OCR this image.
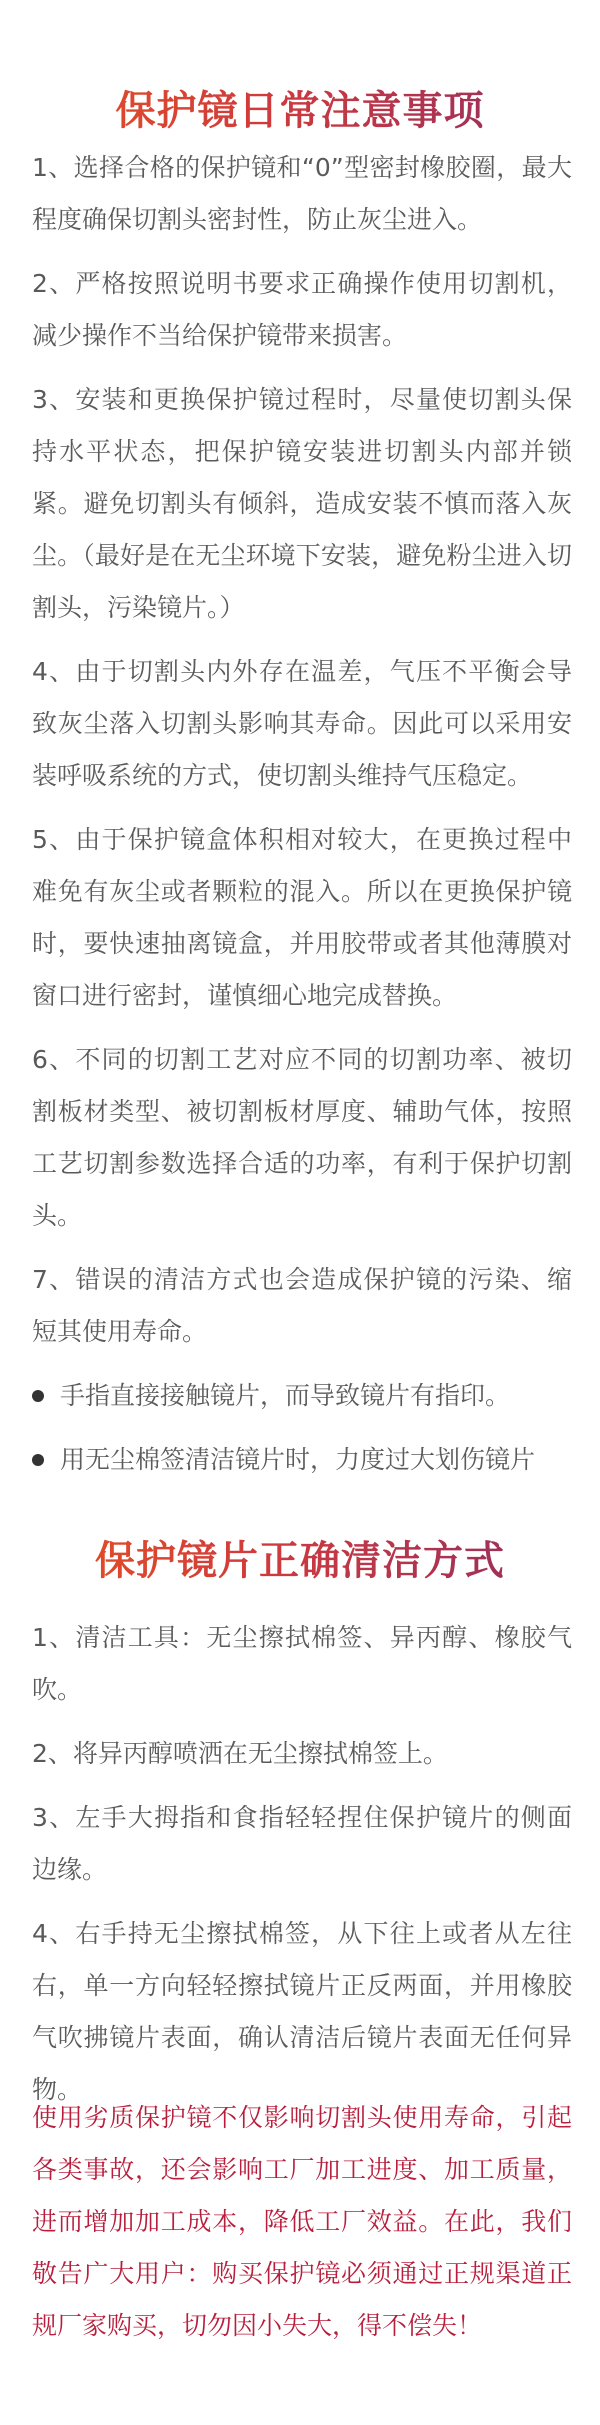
保护镜日常注意事项

1、选择合格的保护镜和“0”型密封橡胶圈，最大程度确保切割头密封性，防止灰尘进入。

2、严格按照说明书要求正确操作使用切割机，减少操作不当给保护镜带来损害。

3、安装和更换保护镜过程时，尽量使切割头保持水平状态，把保护镜安装进切割头内部并锁紧。避免切割头有倾斜，造成安装不慎而落入灰尘。（最好是在无尘环境下安装，避免粉尘进入切割头，污染镜片。）

4、由于切割头内外存在温差，气压不平衡会导致灰尘落入切割头影响其寿命。因此可以采用安装呼吸系统的方式，使切割头维持气压稳定。

5、由于保护镜盒体积相对较大，在更换过程中难免有灰尘或者颗粒的混入。所以在更换保护镜时，要快速抽离镜盒，并用胶带或者其他薄膜对窗口进行密封，谨慎细心地完成替换。

6、不同的切割工艺对应不同的切割功率、被切割板材类型、被切割板材厚度、辅助气体，按照工艺切割参数选择合适的功率，有利于保护切割头。

7、错误的清洁方式也会造成保护镜的污染、缩短其使用寿命。

手指直接接触镜片，而导致镜片有指印。
用无尘棉签清洁镜片时，力度过大划伤镜片
保护镜片正确清洁方式

1、清洁工具：无尘擦拭棉签、异丙醇、橡胶气吹。

2、将异丙醇喷洒在无尘擦拭棉签上。

3、左手大拇指和食指轻轻捏住保护镜片的侧面边缘。

4、右手持无尘擦拭棉签，从下往上或者从左往右，单一方向轻轻擦拭镜片正反两面，并用橡胶气吹拂镜片表面，确认清洁后镜片表面无任何异物。

使用劣质保护镜不仅影响切割头使用寿命，引起各类事故，还会影响工厂加工进度、加工质量，进而增加加工成本，降低工厂效益。在此，我们敬告广大用户：购买保护镜必须通过正规渠道正规厂家购买，切勿因小失大，得不偿失！
